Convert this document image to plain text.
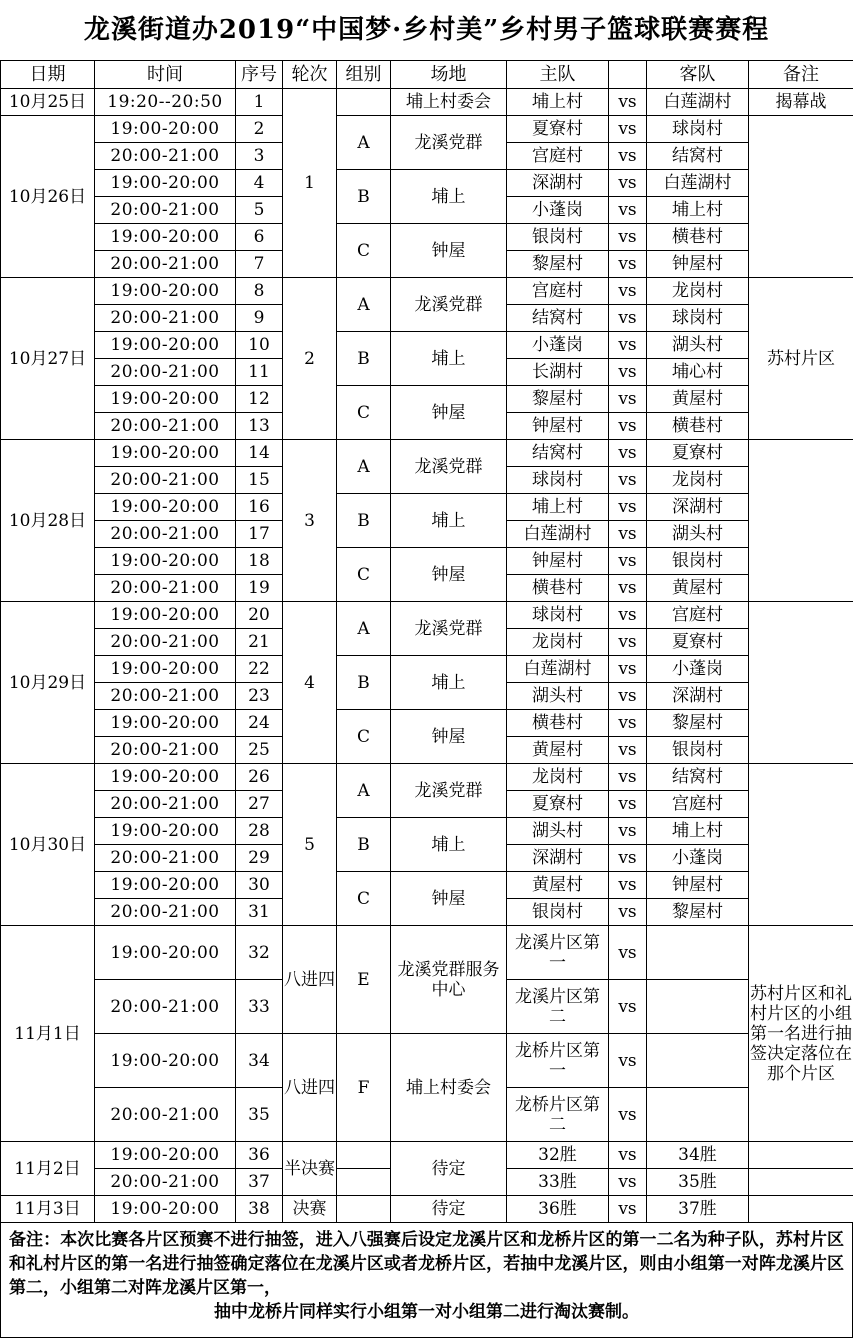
龙溪街道办2019“中国梦·乡村美”乡村男子篮球联赛赛程
日期	时间	序号	轮次	组别	场地	主队		客队	备注
10月25日	19:20--20:50	1	1		埔上村委会	埔上村	vs	白莲湖村	揭幕战
10月26日	19:00-20:00	2		A	龙溪党群	夏寮村	vs	球岗村	
	20:00-21:00	3				宫庭村	vs	结窝村	
	19:00-20:00	4		B	埔上	深湖村	vs	白莲湖村	
	20:00-21:00	5				小蓬岗	vs	埔上村	
	19:00-20:00	6		C	钟屋	银岗村	vs	横巷村	
	20:00-21:00	7				黎屋村	vs	钟屋村	
10月27日	19:00-20:00	8	2	A	龙溪党群	宫庭村	vs	龙岗村	苏村片区
	20:00-21:00	9				结窝村	vs	球岗村	
	19:00-20:00	10		B	埔上	小蓬岗	vs	湖头村	
	20:00-21:00	11				长湖村	vs	埔心村	
	19:00-20:00	12		C	钟屋	黎屋村	vs	黄屋村	
	20:00-21:00	13				钟屋村	vs	横巷村	
10月28日	19:00-20:00	14	3	A	龙溪党群	结窝村	vs	夏寮村	
	20:00-21:00	15				球岗村	vs	龙岗村	
	19:00-20:00	16		B	埔上	埔上村	vs	深湖村	
	20:00-21:00	17				白莲湖村	vs	湖头村	
	19:00-20:00	18		C	钟屋	钟屋村	vs	银岗村	
	20:00-21:00	19				横巷村	vs	黄屋村	
10月29日	19:00-20:00	20	4	A	龙溪党群	球岗村	vs	宫庭村	
	20:00-21:00	21				龙岗村	vs	夏寮村	
	19:00-20:00	22		B	埔上	白莲湖村	vs	小蓬岗	
	20:00-21:00	23				湖头村	vs	深湖村	
	19:00-20:00	24		C	钟屋	横巷村	vs	黎屋村	
	20:00-21:00	25				黄屋村	vs	银岗村	
10月30日	19:00-20:00	26	5	A	龙溪党群	龙岗村	vs	结窝村	
	20:00-21:00	27				夏寮村	vs	宫庭村	
	19:00-20:00	28		B	埔上	湖头村	vs	埔上村	
	20:00-21:00	29				深湖村	vs	小蓬岗	
	19:00-20:00	30		C	钟屋	黄屋村	vs	钟屋村	
	20:00-21:00	31				银岗村	vs	黎屋村	
11月1日	19:00-20:00	32	八进四	E	龙溪党群服务中心	龙溪片区第一	vs		苏村片区和礼村片区的小组第一名进行抽签决定落位在那个片区
	20:00-21:00	33				龙溪片区第二	vs		
	19:00-20:00	34	八进四	F	埔上村委会	龙桥片区第一	vs		
	20:00-21:00	35				龙桥片区第二	vs		
11月2日	19:00-20:00	36	半决赛		待定	32胜	vs	34胜	
	20:00-21:00	37				33胜	vs	35胜	
11月3日	19:00-20:00	38	决赛		待定	36胜	vs	37胜	
备注：本次比赛各片区预赛不进行抽签，进入八强赛后设定龙溪片区和龙桥片区的第一二名为种子队，苏村片区和礼村片区的第一名进行抽签确定落位在龙溪片区或者龙桥片区，若抽中龙溪片区，则由小组第一对阵龙溪片区第二，小组第二对阵龙溪片区第一，
抽中龙桥片同样实行小组第一对小组第二进行淘汰赛制。
